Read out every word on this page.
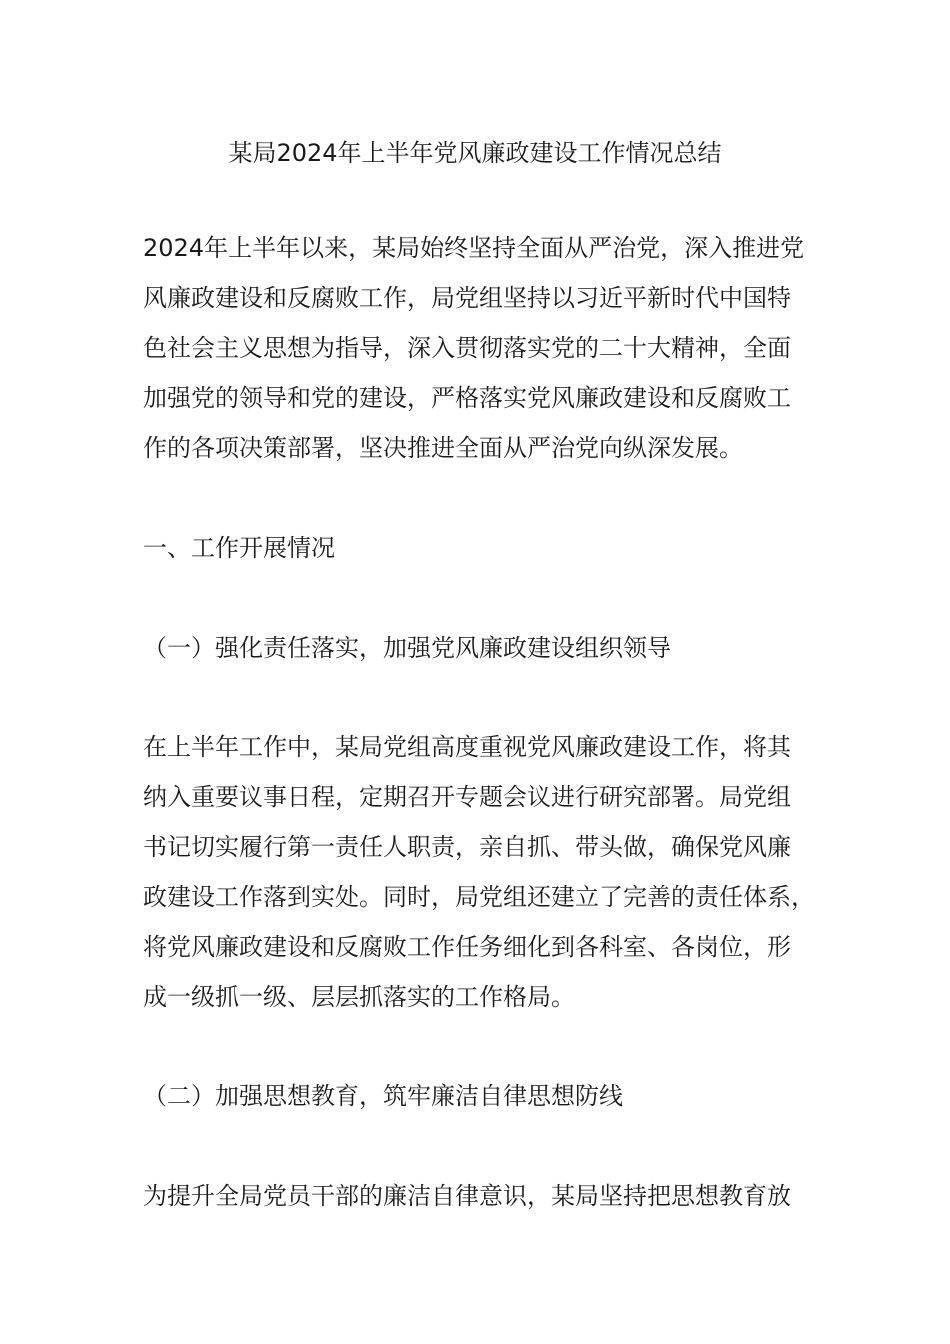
某局2024年上半年党风廉政建设工作情况总结
2024年上半年以来，某局始终坚持全面从严治党，深入推进党
风廉政建设和反腐败工作，局党组坚持以习近平新时代中国特
色社会主义思想为指导，深入贯彻落实党的二十大精神，全面
加强党的领导和党的建设，严格落实党风廉政建设和反腐败工
作的各项决策部署，坚决推进全面从严治党向纵深发展。
一、工作开展情况
（一）强化责任落实，加强党风廉政建设组织领导
在上半年工作中，某局党组高度重视党风廉政建设工作，将其
纳入重要议事日程，定期召开专题会议进行研究部署。局党组
书记切实履行第一责任人职责，亲自抓、带头做，确保党风廉
政建设工作落到实处。同时，局党组还建立了完善的责任体系，
将党风廉政建设和反腐败工作任务细化到各科室、各岗位，形
成一级抓一级、层层抓落实的工作格局。
（二）加强思想教育，筑牢廉洁自律思想防线
为提升全局党员干部的廉洁自律意识，某局坚持把思想教育放
